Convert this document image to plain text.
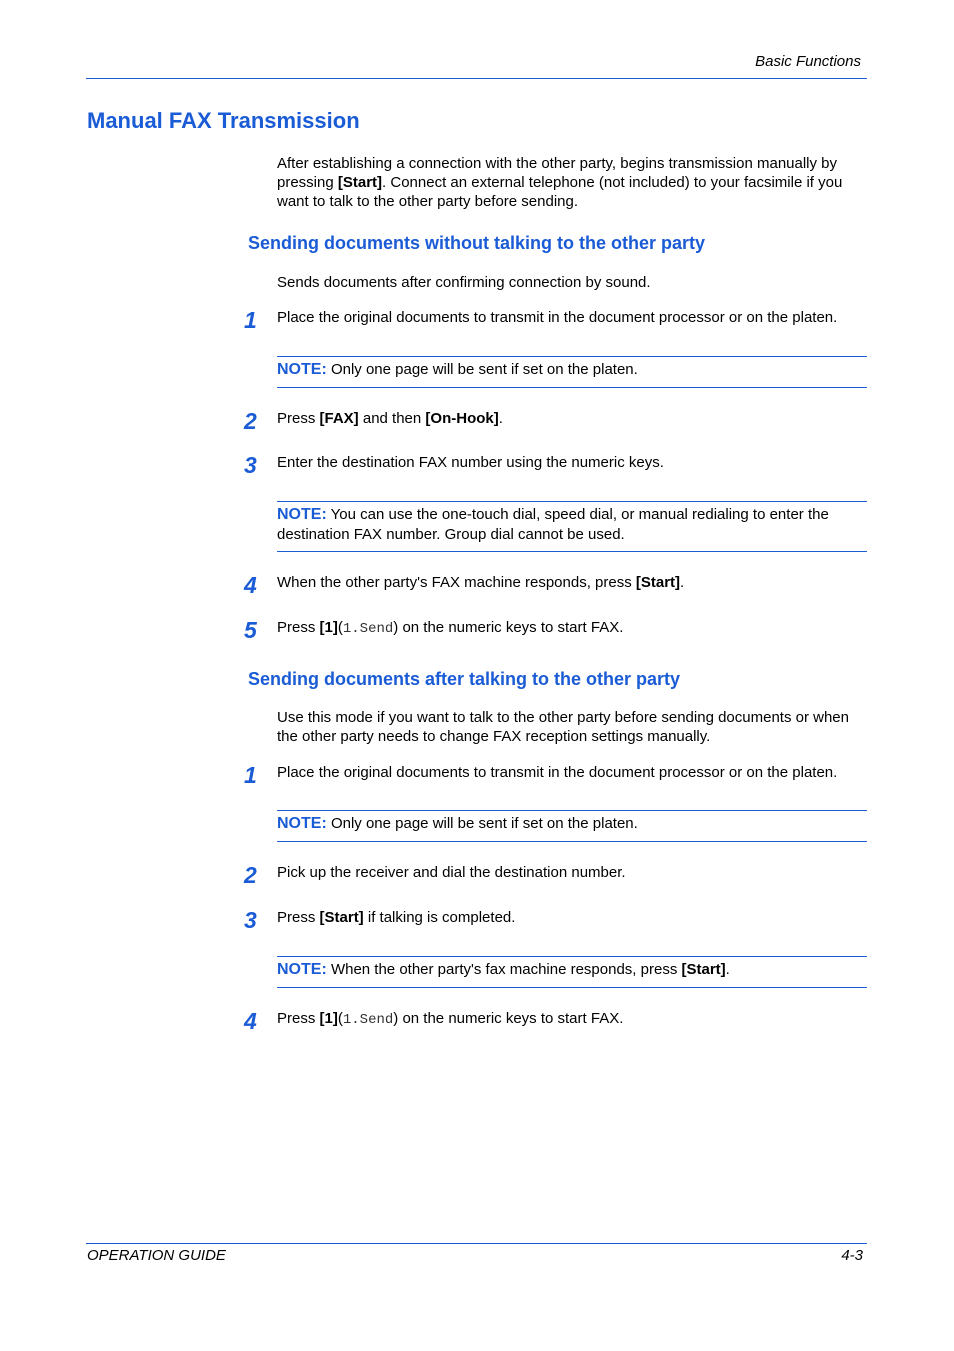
Basic Functions
Manual FAX Transmission
After establishing a connection with the other party, begins transmission manually by pressing [Start]. Connect an external telephone (not included) to your facsimile if you want to talk to the other party before sending.
Sending documents without talking to the other party
Sends documents after confirming connection by sound.
1 Place the original documents to transmit in the document processor or on the platen.
NOTE: Only one page will be sent if set on the platen.
2 Press [FAX] and then [On-Hook].
3 Enter the destination FAX number using the numeric keys.
NOTE: You can use the one-touch dial, speed dial, or manual redialing to enter the destination FAX number. Group dial cannot be used.
4 When the other party's FAX machine responds, press [Start].
5 Press [1](1.Send) on the numeric keys to start FAX.
Sending documents after talking to the other party
Use this mode if you want to talk to the other party before sending documents or when the other party needs to change FAX reception settings manually.
1 Place the original documents to transmit in the document processor or on the platen.
NOTE: Only one page will be sent if set on the platen.
2 Pick up the receiver and dial the destination number.
3 Press [Start] if talking is completed.
NOTE: When the other party's fax machine responds, press [Start].
4 Press [1](1.Send) on the numeric keys to start FAX.
OPERATION GUIDE	4-3
